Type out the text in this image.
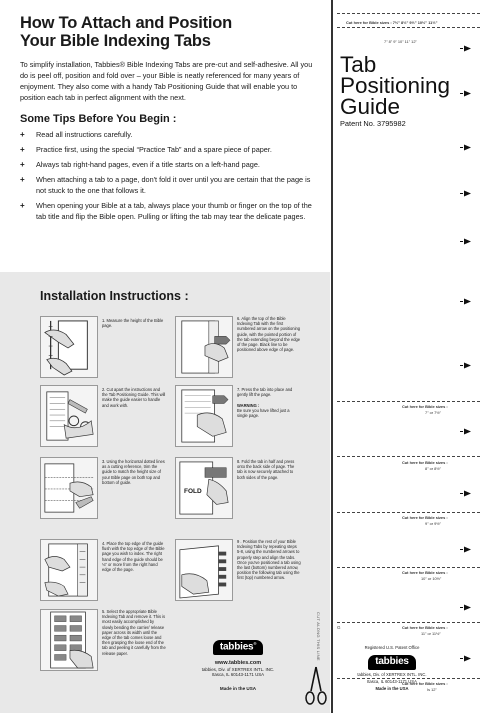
How To Attach and Position Your Bible Indexing Tabs

To simplify installation, Tabbies® Bible Indexing Tabs are pre-cut and self-adhesive. All you do is peel off, position and fold over – your Bible is neatly referenced for many years of enjoyment. They also come with a handy Tab Positioning Guide that will enable you to position each tab in perfect alignment with the next.

Some Tips Before You Begin :
+ Read all instructions carefully.
+ Practice first, using the special “Practice Tab” and a spare piece of paper.
+ Always tab right-hand pages, even if a title starts on a left-hand page.
+ When attaching a tab to a page, don't fold it over until you are certain that the page is not stuck to the one that follows it.
+ When opening your Bible at a tab, always place your thumb or finger on the top of the tab title and flip the Bible open. Pulling or lifting the tab may tear the delicate pages.
Installation Instructions :
1. Measure the height of the Bible page.
2. Cut apart the instructions and the Tab Positioning Guide. This will make the guide easier to handle and work with.
3. Using the horizontal dotted lines as a cutting reference, trim the guide to match the height size of your Bible page on both top and bottom of guide.
4. Place the top edge of the guide flush with the top edge of the Bible page you wish to index. The right hand edge of the guide should be ⅛" or more from the right hand edge of the page.
5. Select the appropriate Bible Indexing Tab and remove it. This is most easily accomplished by slowly bending the carrier/ release paper across its width until the edge of the tab comes loose and then grasping the loose end of the tab and peeling it carefully from the release paper.
6. Align the top of the Bible Indexing Tab with the first numbered arrow on the positioning guide, with the pointed portion of the tab extending beyond the edge of the page. Black line to be positioned above edge of page.
7. Press the tab into place and gently lift the page.

WARNING :
Be sure you have lifted just a single page.
FOLD
8. Fold the tab in half and press onto the back side of page. The tab is now securely attached to both sides of the page.
9 . Position the rest of your Bible Indexing Tabs by repeating steps 5-8, using the numbered arrows to properly step and align the tabs. Once you've positioned a tab using the last (bottom) numbered arrow, position the following tab using the first (top) numbered arrow.
tabbies®
www.tabbies.com
tabbies, Div. of XERTREX INTL. INC.
Itasca, IL 60143-1171 USA
Made in the USA
CUT ALONG THIS LINE
Cut here for Bible sizes : 7½" 8½" 9½" 10½" 11½"
7" 8" 9" 10" 11" 12"
Tab
Positioning
Guide
Patent No. 3795982
Cut here for Bible sizes :
7" or 7½"
Cut here for Bible sizes :
8" or 8½"
Cut here for Bible sizes :
9" or 9½"
Cut here for Bible sizes :
10" or 10½"
Cut here for Bible sizes :
11" or 11½"
Cut here for Bible sizes :
Is 12"
G
Registered U.S. Patent Office
tabbies
tabbies, Div. of XERTREX INTL. INC.
Itasca, IL 60143-1171 USA
Made in the USA
